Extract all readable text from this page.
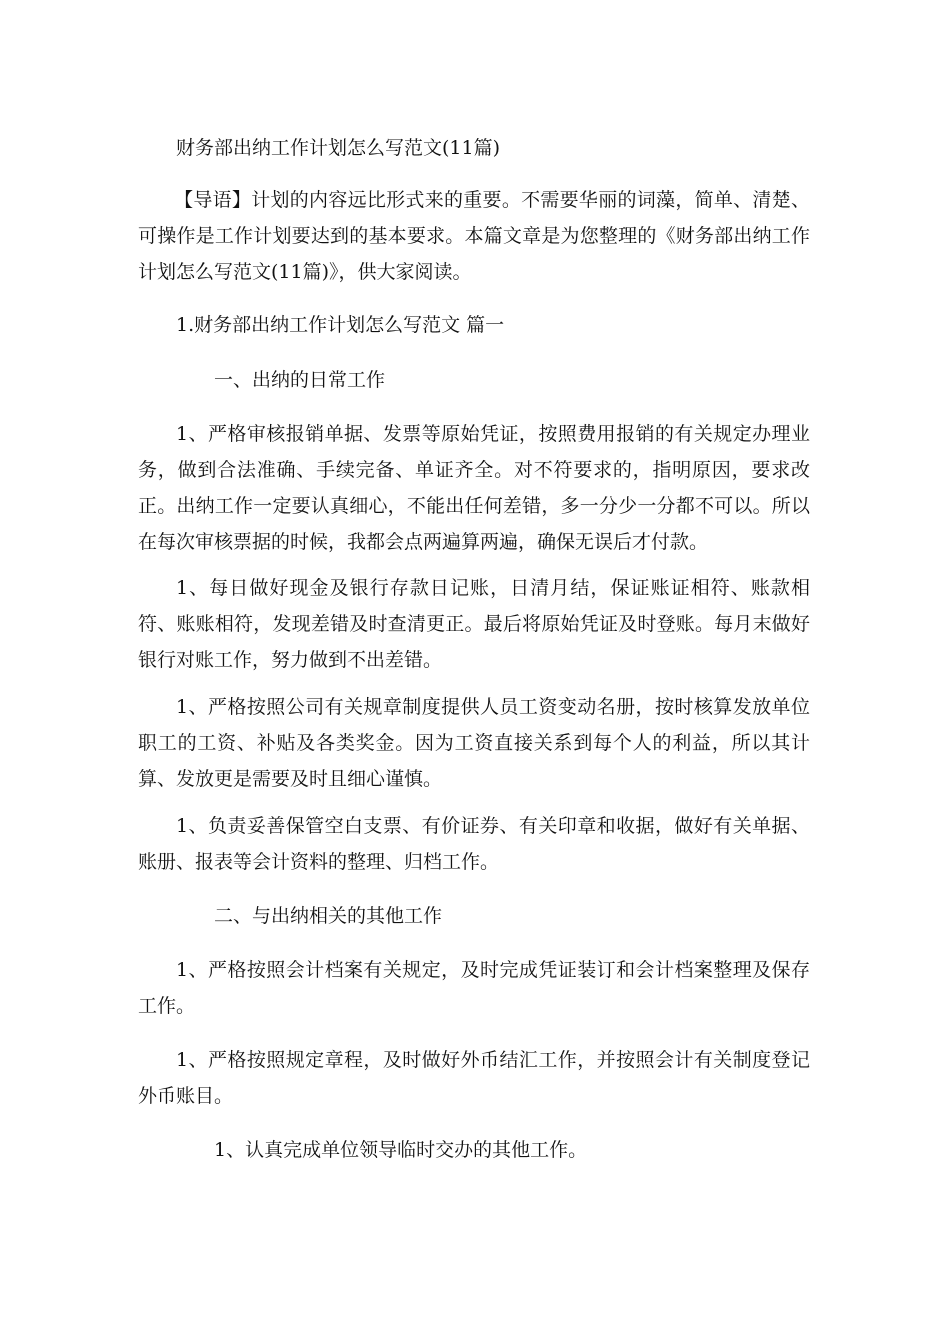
财务部出纳工作计划怎么写范文(11篇)
【导语】计划的内容远比形式来的重要。不需要华丽的词藻，简单、清楚、可操作是工作计划要达到的基本要求。本篇文章是为您整理的《财务部出纳工作计划怎么写范文(11篇)》，供大家阅读。
1.财务部出纳工作计划怎么写范文 篇一
一、出纳的日常工作
1、严格审核报销单据、发票等原始凭证，按照费用报销的有关规定办理业务，做到合法准确、手续完备、单证齐全。对不符要求的，指明原因，要求改正。出纳工作一定要认真细心，不能出任何差错，多一分少一分都不可以。所以在每次审核票据的时候，我都会点两遍算两遍，确保无误后才付款。
1、每日做好现金及银行存款日记账，日清月结，保证账证相符、账款相符、账账相符，发现差错及时查清更正。最后将原始凭证及时登账。每月末做好银行对账工作，努力做到不出差错。
1、严格按照公司有关规章制度提供人员工资变动名册，按时核算发放单位职工的工资、补贴及各类奖金。因为工资直接关系到每个人的利益，所以其计算、发放更是需要及时且细心谨慎。
1、负责妥善保管空白支票、有价证券、有关印章和收据，做好有关单据、账册、报表等会计资料的整理、归档工作。
二、与出纳相关的其他工作
1、严格按照会计档案有关规定，及时完成凭证装订和会计档案整理及保存工作。
1、严格按照规定章程，及时做好外币结汇工作，并按照会计有关制度登记外币账目。
1、认真完成单位领导临时交办的其他工作。
